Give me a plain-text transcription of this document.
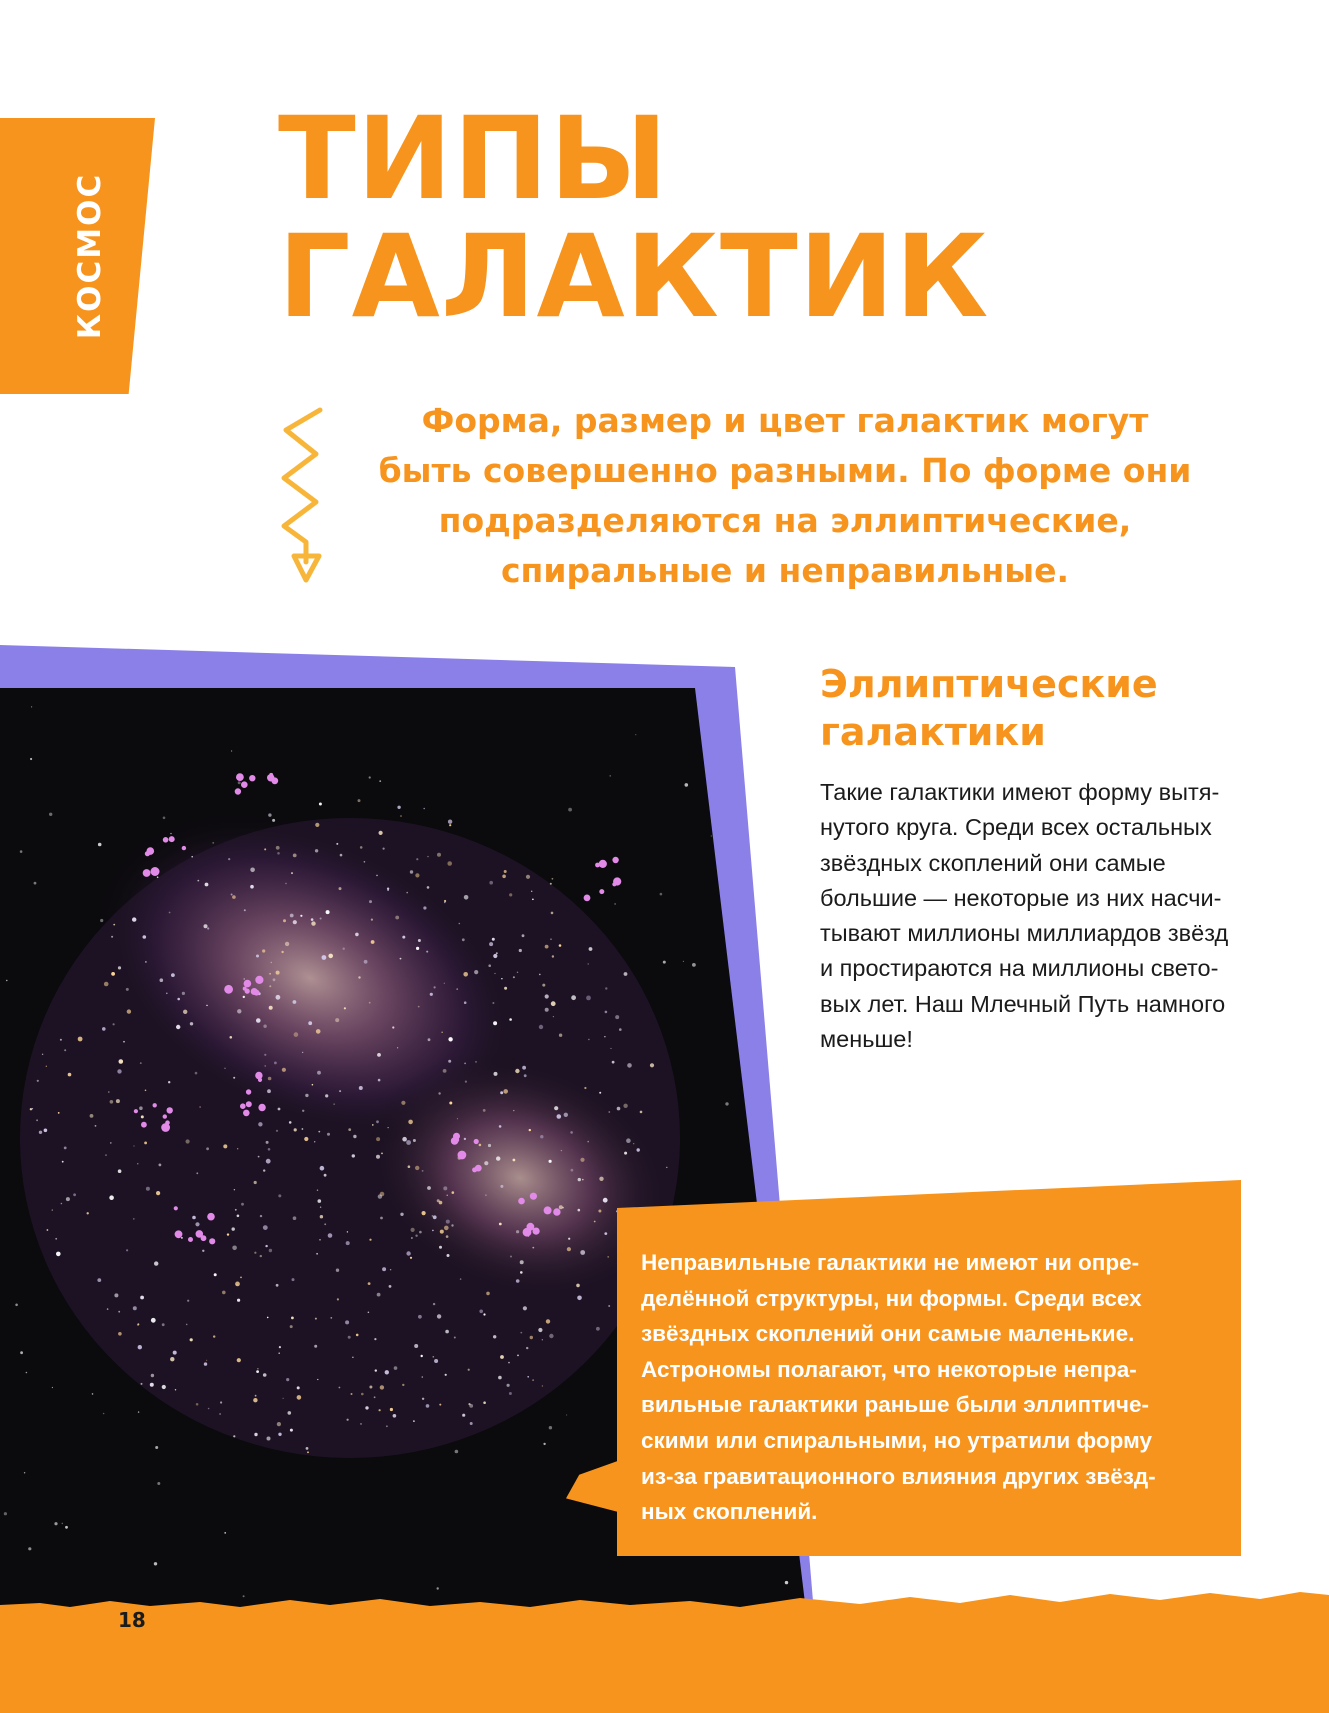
КОСМОС
ТИПЫ
ГАЛАКТИК

Форма, размер и цвет галактик могут
быть совершенно разными. По форме они
подразделяются на эллиптические,
спиральные и неправильные.

Эллиптические
галактики

Такие галактики имеют форму вытя-
нутого круга. Среди всех остальных
звёздных скоплений они самые
большие — некоторые из них насчи-
тывают миллионы миллиардов звёзд
и простираются на миллионы свето-
вых лет. Наш Млечный Путь намного
меньше!

Неправильные галактики не имеют ни опре-
делённой структуры, ни формы. Среди всех
звёздных скоплений они самые маленькие.
Астрономы полагают, что некоторые непра-
вильные галактики раньше были эллиптиче-
скими или спиральными, но утратили форму
из-за гравитационного влияния других звёзд-
ных скоплений.

18
